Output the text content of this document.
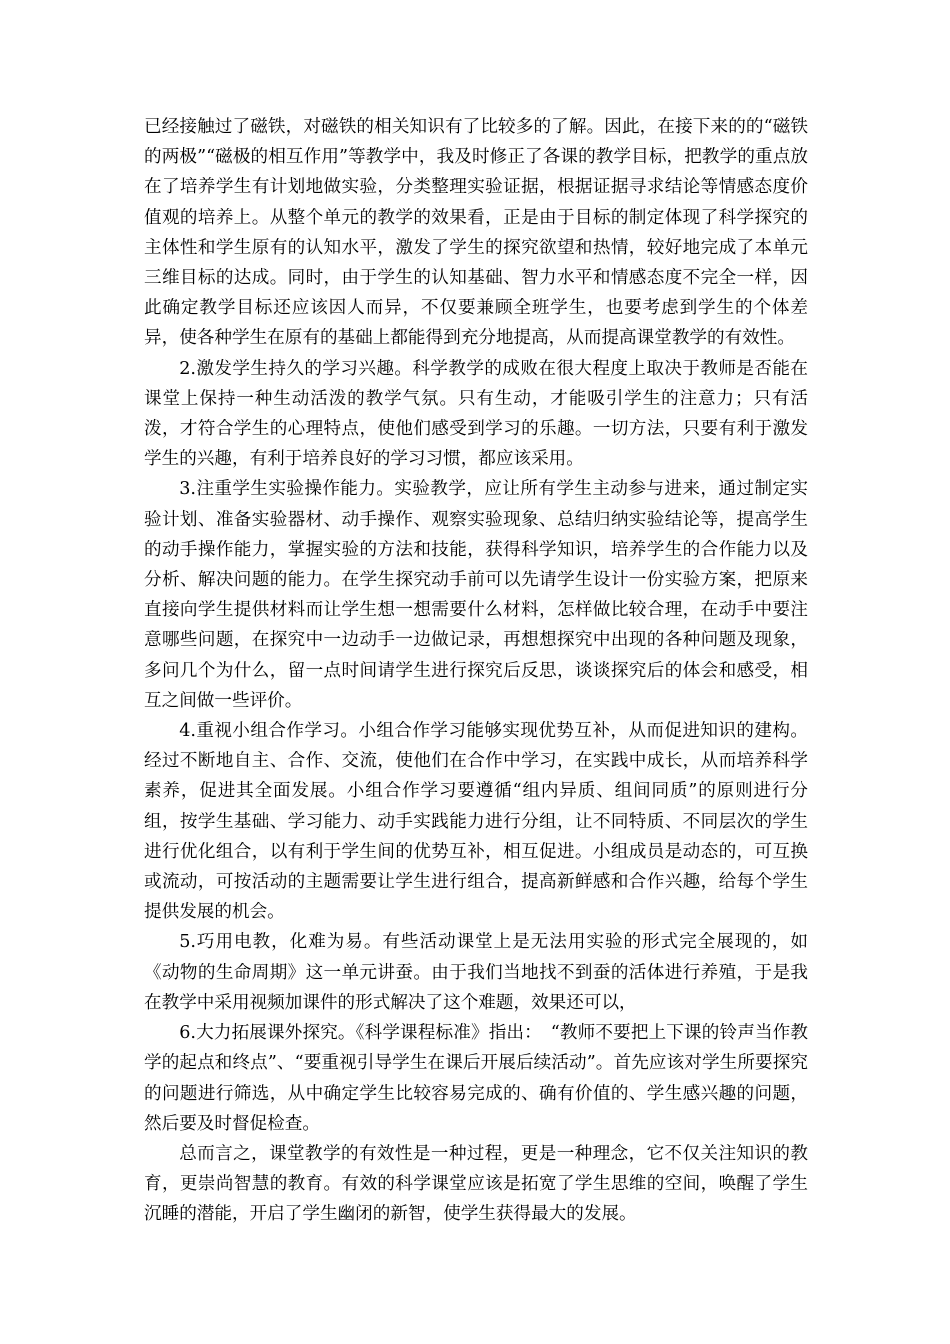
已经接触过了磁铁，对磁铁的相关知识有了比较多的了解。因此，在接下来的的“磁铁的两极”“磁极的相互作用”等教学中，我及时修正了各课的教学目标，把教学的重点放在了培养学生有计划地做实验，分类整理实验证据，根据证据寻求结论等情感态度价值观的培养上。从整个单元的教学的效果看，正是由于目标的制定体现了科学探究的主体性和学生原有的认知水平，激发了学生的探究欲望和热情，较好地完成了本单元三维目标的达成。同时，由于学生的认知基础、智力水平和情感态度不完全一样，因此确定教学目标还应该因人而异，不仅要兼顾全班学生，也要考虑到学生的个体差异，使各种学生在原有的基础上都能得到充分地提高，从而提高课堂教学的有效性。

2.激发学生持久的学习兴趣。科学教学的成败在很大程度上取决于教师是否能在课堂上保持一种生动活泼的教学气氛。只有生动，才能吸引学生的注意力；只有活泼，才符合学生的心理特点，使他们感受到学习的乐趣。一切方法，只要有利于激发学生的兴趣，有利于培养良好的学习习惯，都应该采用。

3.注重学生实验操作能力。实验教学，应让所有学生主动参与进来，通过制定实验计划、准备实验器材、动手操作、观察实验现象、总结归纳实验结论等，提高学生的动手操作能力，掌握实验的方法和技能，获得科学知识，培养学生的合作能力以及分析、解决问题的能力。在学生探究动手前可以先请学生设计一份实验方案，把原来直接向学生提供材料而让学生想一想需要什么材料，怎样做比较合理，在动手中要注意哪些问题，在探究中一边动手一边做记录，再想想探究中出现的各种问题及现象，多问几个为什么，留一点时间请学生进行探究后反思，谈谈探究后的体会和感受，相互之间做一些评价。

4.重视小组合作学习。小组合作学习能够实现优势互补，从而促进知识的建构。经过不断地自主、合作、交流，使他们在合作中学习，在实践中成长，从而培养科学素养，促进其全面发展。小组合作学习要遵循“组内异质、组间同质”的原则进行分组，按学生基础、学习能力、动手实践能力进行分组，让不同特质、不同层次的学生进行优化组合，以有利于学生间的优势互补，相互促进。小组成员是动态的，可互换或流动，可按活动的主题需要让学生进行组合，提高新鲜感和合作兴趣，给每个学生提供发展的机会。

5.巧用电教，化难为易。有些活动课堂上是无法用实验的形式完全展现的，如《动物的生命周期》这一单元讲蚕。由于我们当地找不到蚕的活体进行养殖，于是我在教学中采用视频加课件的形式解决了这个难题，效果还可以，

6.大力拓展课外探究。《科学课程标准》指出：　“教师不要把上下课的铃声当作教学的起点和终点”、“要重视引导学生在课后开展后续活动”。首先应该对学生所要探究的问题进行筛选，从中确定学生比较容易完成的、确有价值的、学生感兴趣的问题，然后要及时督促检查。

总而言之，课堂教学的有效性是一种过程，更是一种理念，它不仅关注知识的教育，更崇尚智慧的教育。有效的科学课堂应该是拓宽了学生思维的空间，唤醒了学生沉睡的潜能，开启了学生幽闭的新智，使学生获得最大的发展。
